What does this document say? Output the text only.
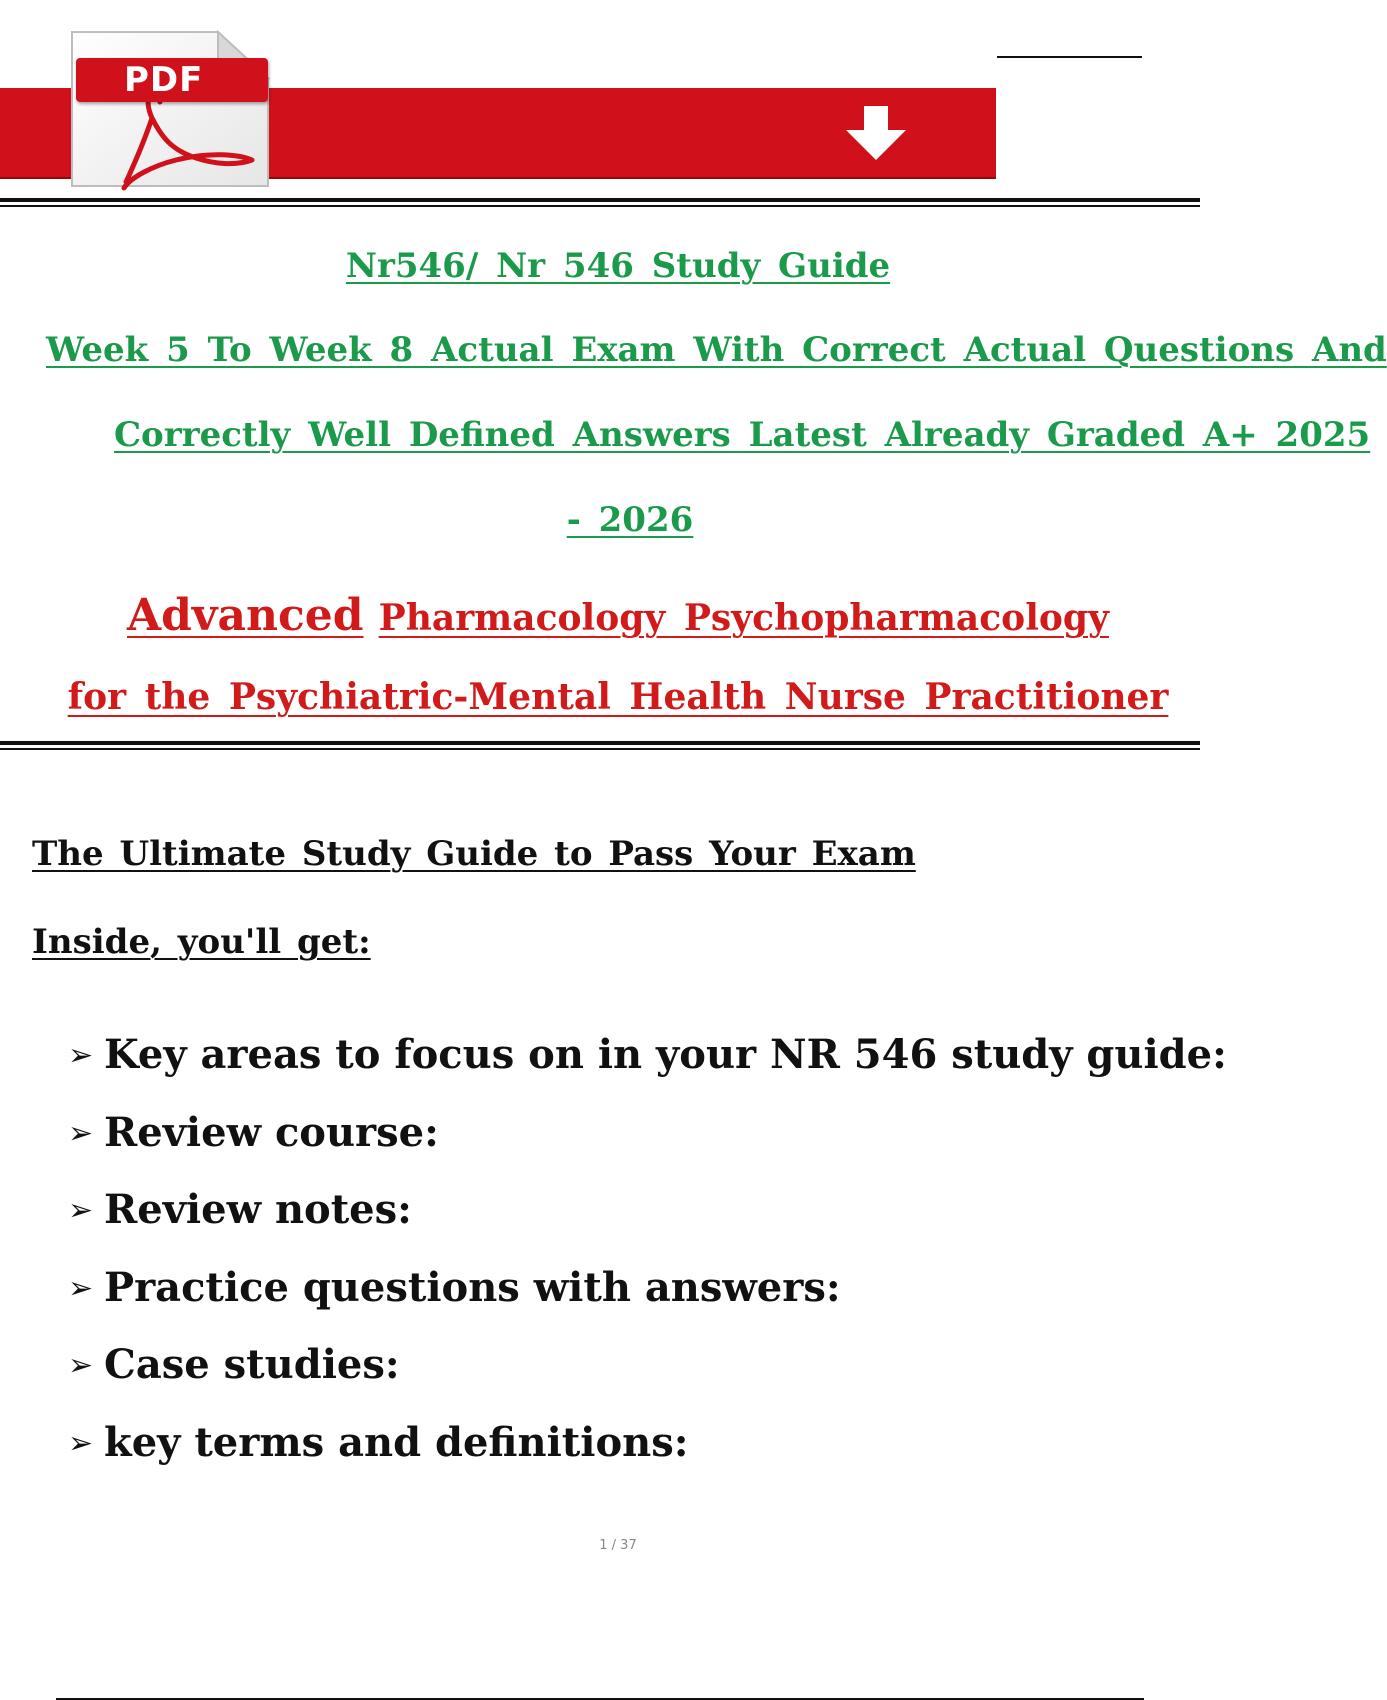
Download
PDF
Nr546/ Nr 546 Study Guide
Week 5 To Week 8 Actual Exam With Correct Actual Questions And
Correctly Well Defined Answers Latest Already Graded A+ 2025
- 2026
Advanced Pharmacology Psychopharmacology
for the Psychiatric-Mental Health Nurse Practitioner
The Ultimate Study Guide to Pass Your Exam
Inside, you'll get:
➢ Key areas to focus on in your NR 546 study guide:
➢ Review course:
➢ Review notes:
➢ Practice questions with answers:
➢ Case studies:
➢ key terms and definitions:
1 / 37
